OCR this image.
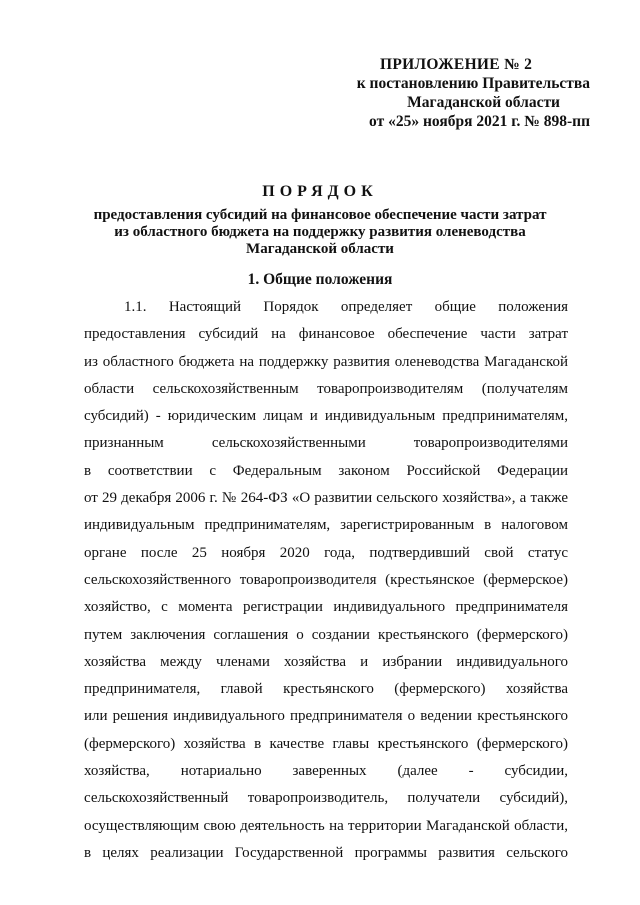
ПРИЛОЖЕНИЕ № 2
к постановлению Правительства
Магаданской области
от «25» ноября 2021 г. № 898-пп
ПОРЯДОК
предоставления субсидий на финансовое обеспечение части затрат
из областного бюджета на поддержку развития оленеводства
Магаданской области
1. Общие положения
1.1. Настоящий Порядок определяет общие положения
предоставления субсидий на финансовое обеспечение части затрат
из областного бюджета на поддержку развития оленеводства Магаданской
области сельскохозяйственным товаропроизводителям (получателям
субсидий) - юридическим лицам и индивидуальным предпринимателям,
признанным сельскохозяйственными товаропроизводителями
в соответствии с Федеральным законом Российской Федерации
от 29 декабря 2006 г. № 264-ФЗ «О развитии сельского хозяйства», а также
индивидуальным предпринимателям, зарегистрированным в налоговом
органе после 25 ноября 2020 года, подтвердивший свой статус
сельскохозяйственного товаропроизводителя (крестьянское (фермерское)
хозяйство, с момента регистрации индивидуального предпринимателя
путем заключения соглашения о создании крестьянского (фермерского)
хозяйства между членами хозяйства и избрании индивидуального
предпринимателя, главой крестьянского (фермерского) хозяйства
или решения индивидуального предпринимателя о ведении крестьянского
(фермерского) хозяйства в качестве главы крестьянского (фермерского)
хозяйства, нотариально заверенных (далее - субсидии,
сельскохозяйственный товаропроизводитель, получатели субсидий),
осуществляющим свою деятельность на территории Магаданской области,
в целях реализации Государственной программы развития сельского
